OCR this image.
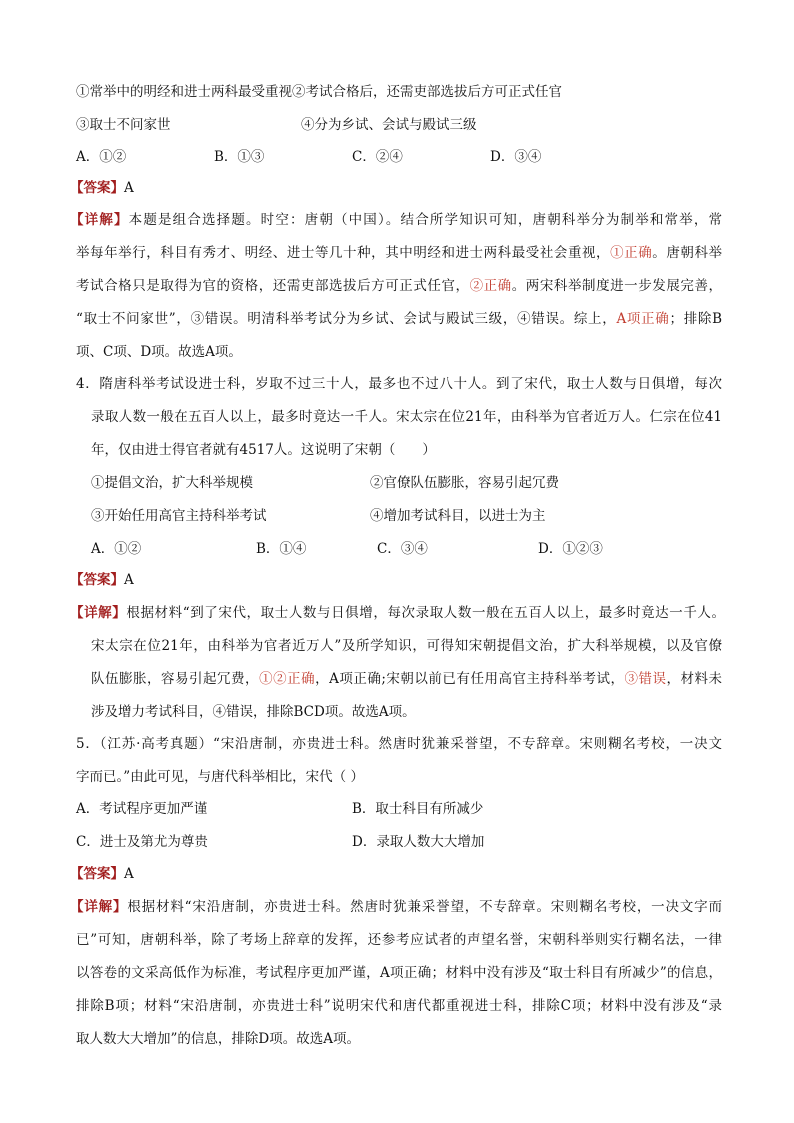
①常举中的明经和进士两科最受重视②考试合格后，还需吏部选拔后方可正式任官
③取士不问家世	④分为乡试、会试与殿试三级
A．①②	B．①③	C．②④	D．③④
【答案】A
【详解】本题是组合选择题。时空：唐朝（中国）。结合所学知识可知，唐朝科举分为制举和常举，常
举每年举行，科目有秀才、明经、进士等几十种，其中明经和进士两科最受社会重视，①正确。唐朝科举
考试合格只是取得为官的资格，还需吏部选拔后方可正式任官，②正确。两宋科举制度进一步发展完善，
“取士不问家世”，③错误。明清科举考试分为乡试、会试与殿试三级，④错误。综上，A项正确；排除B
项、C项、D项。故选A项。
4．隋唐科举考试设进士科，岁取不过三十人，最多也不过八十人。到了宋代，取士人数与日俱增，每次
录取人数一般在五百人以上，最多时竟达一千人。宋太宗在位21年，由科举为官者近万人。仁宗在位41
年，仅由进士得官者就有4517人。这说明了宋朝（　　）
①提倡文治，扩大科举规模	②官僚队伍膨胀，容易引起冗费
③开始任用高官主持科举考试	④增加考试科目，以进士为主
A．①②	B．①④	C．③④	D．①②③
【答案】A
【详解】根据材料“到了宋代，取士人数与日俱增，每次录取人数一般在五百人以上，最多时竟达一千人。
宋太宗在位21年，由科举为官者近万人”及所学知识，可得知宋朝提倡文治，扩大科举规模，以及官僚
队伍膨胀，容易引起冗费，①②正确，A项正确;宋朝以前已有任用高官主持科举考试，③错误，材料未
涉及增力考试科目，④错误，排除BCD项。故选A项。
5．（江苏·高考真题）“宋沿唐制，亦贵进士科。然唐时犹兼采誉望，不专辞章。宋则糊名考校，一决文
字而已。”由此可见，与唐代科举相比，宋代（ ）
A．考试程序更加严谨	B．取士科目有所减少
C．进士及第尤为尊贵	D．录取人数大大增加
【答案】A
【详解】根据材料“宋沿唐制，亦贵进士科。然唐时犹兼采誉望，不专辞章。宋则糊名考校，一决文字而
已”可知，唐朝科举，除了考场上辞章的发挥，还参考应试者的声望名誉，宋朝科举则实行糊名法，一律
以答卷的文采高低作为标准，考试程序更加严谨，A项正确；材料中没有涉及“取士科目有所减少”的信息，
排除B项；材料“宋沿唐制，亦贵进士科”说明宋代和唐代都重视进士科，排除C项；材料中没有涉及“录
取人数大大增加”的信息，排除D项。故选A项。
